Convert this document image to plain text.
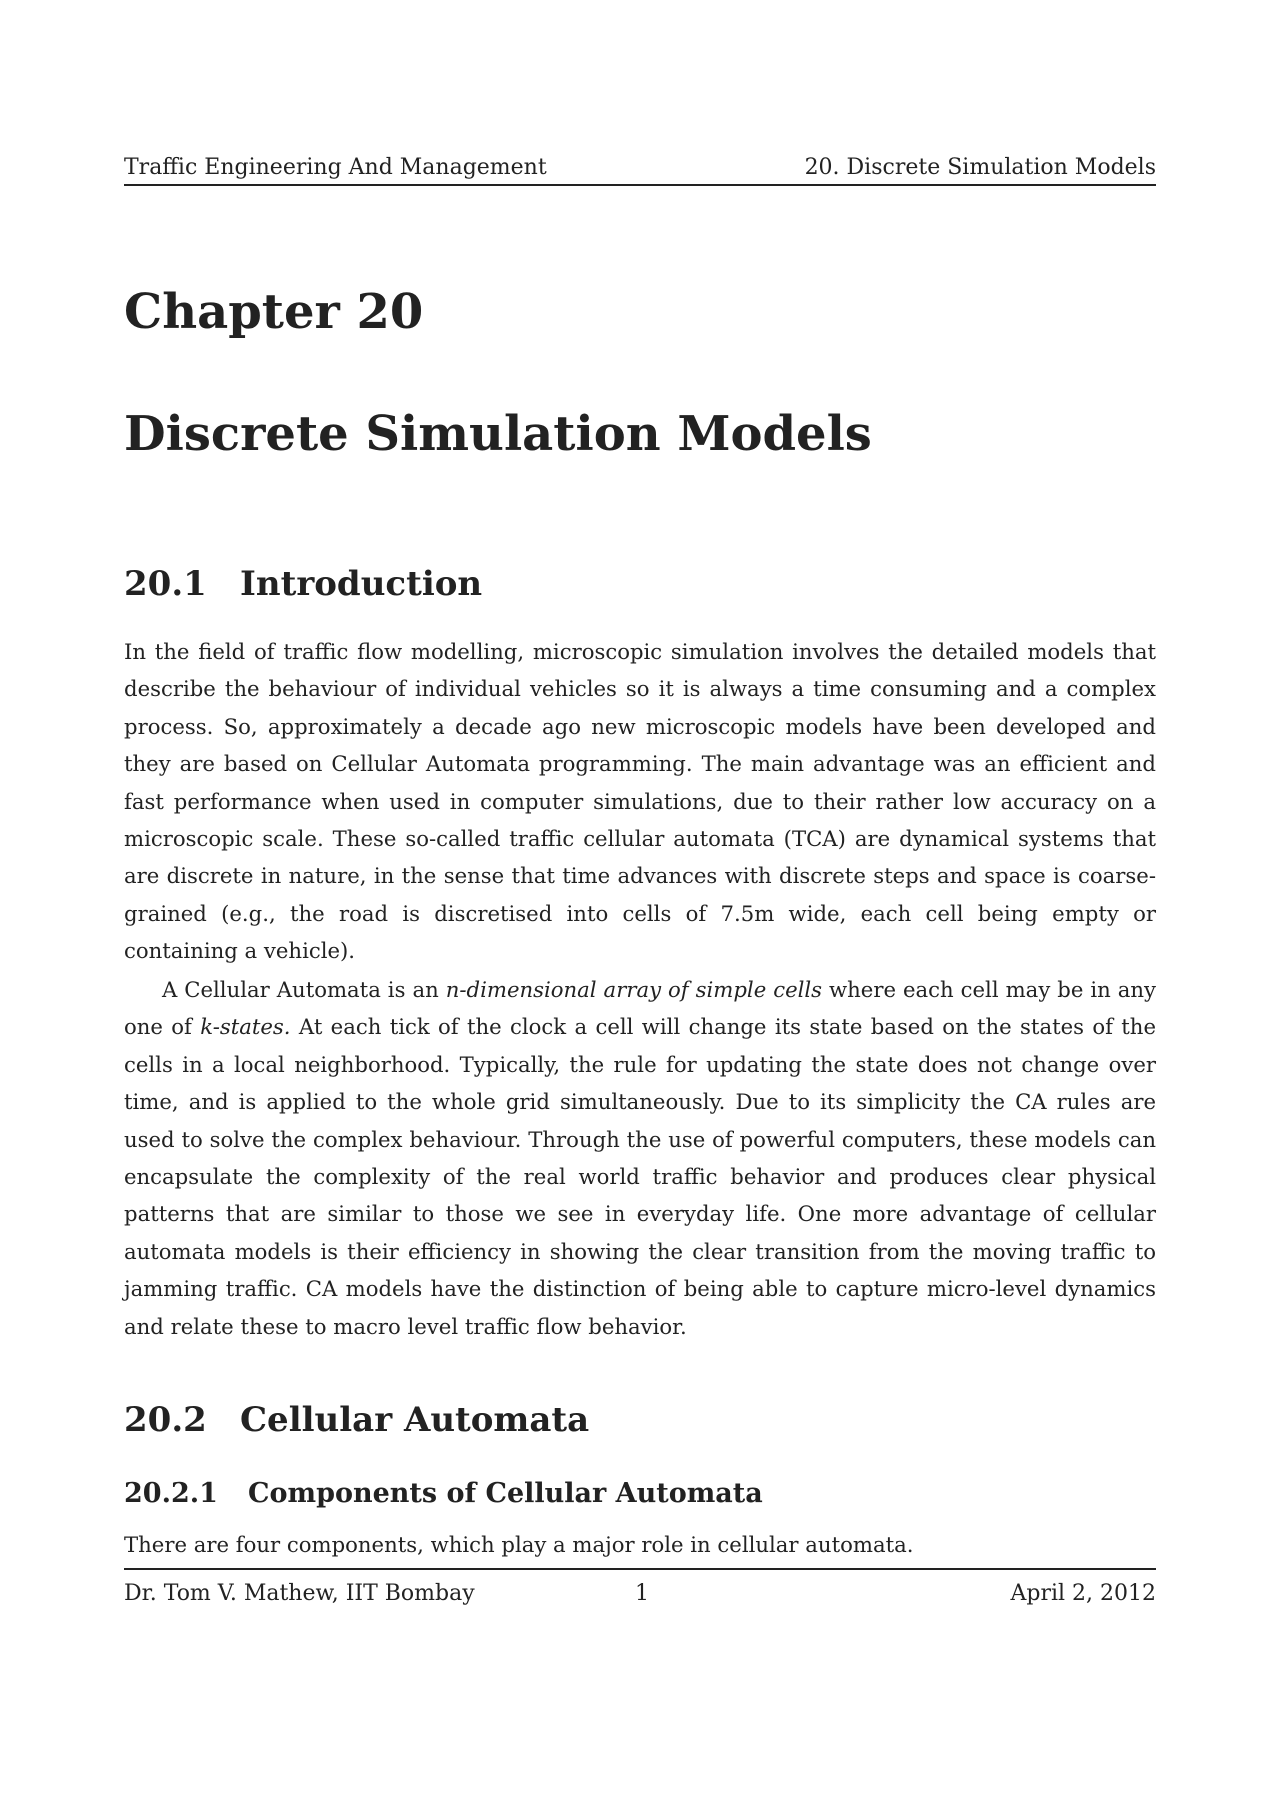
Traffic Engineering And Management	20. Discrete Simulation Models
Chapter 20
Discrete Simulation Models
20.1 Introduction

In the field of traffic flow modelling, microscopic simulation involves the detailed models that describe the behaviour of individual vehicles so it is always a time consuming and a complex process. So, approximately a decade ago new microscopic models have been developed and they are based on Cellular Automata programming. The main advantage was an efficient and fast performance when used in computer simulations, due to their rather low accuracy on a microscopic scale. These so-called traffic cellular automata (TCA) are dynamical systems that are discrete in nature, in the sense that time advances with discrete steps and space is coarse-grained (e.g., the road is discretised into cells of 7.5m wide, each cell being empty or containing a vehicle).

A Cellular Automata is an n-dimensional array of simple cells where each cell may be in any one of k-states. At each tick of the clock a cell will change its state based on the states of the cells in a local neighborhood. Typically, the rule for updating the state does not change over time, and is applied to the whole grid simultaneously. Due to its simplicity the CA rules are used to solve the complex behaviour. Through the use of powerful computers, these models can encapsulate the complexity of the real world traffic behavior and produces clear physical patterns that are similar to those we see in everyday life. One more advantage of cellular automata models is their efficiency in showing the clear transition from the moving traffic to jamming traffic. CA models have the distinction of being able to capture micro-level dynamics and relate these to macro level traffic flow behavior.

20.2 Cellular Automata
20.2.1 Components of Cellular Automata

There are four components, which play a major role in cellular automata.

Dr. Tom V. Mathew, IIT Bombay	1	April 2, 2012
